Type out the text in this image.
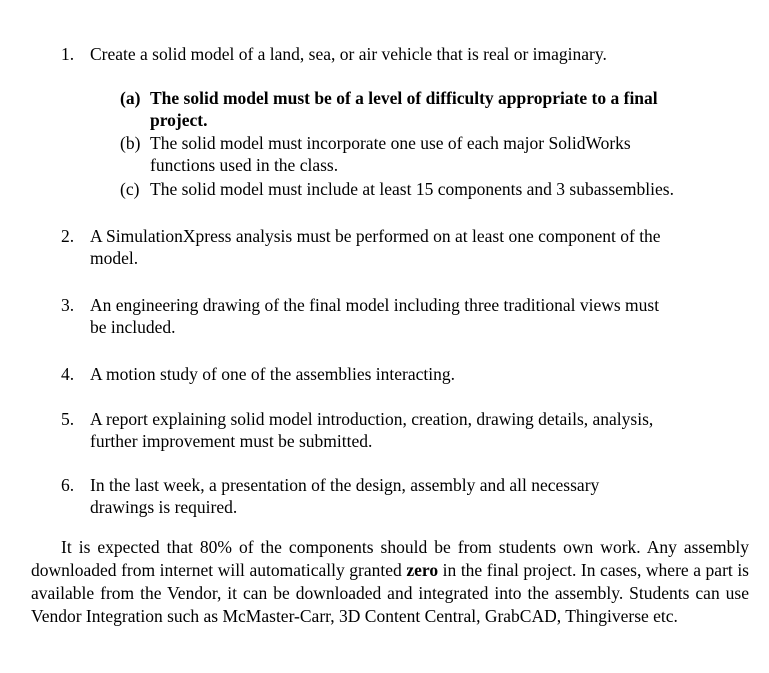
1. Create a solid model of a land, sea, or air vehicle that is real or imaginary.
(a) The solid model must be of a level of difficulty appropriate to a final
project.
(b) The solid model must incorporate one use of each major SolidWorks
functions used in the class.
(c) The solid model must include at least 15 components and 3 subassemblies.
2. A SimulationXpress analysis must be performed on at least one component of the
model.
3. An engineering drawing of the final model including three traditional views must
be included.
4. A motion study of one of the assemblies interacting.
5. A report explaining solid model introduction, creation, drawing details, analysis,
further improvement must be submitted.
6. In the last week, a presentation of the design, assembly and all necessary
drawings is required.

It is expected that 80% of the components should be from students own work. Any assembly downloaded from internet will automatically granted zero in the final project. In cases, where a part is available from the Vendor, it can be downloaded and integrated into the assembly. Students can use Vendor Integration such as McMaster-Carr, 3D Content Central, GrabCAD, Thingiverse etc.
